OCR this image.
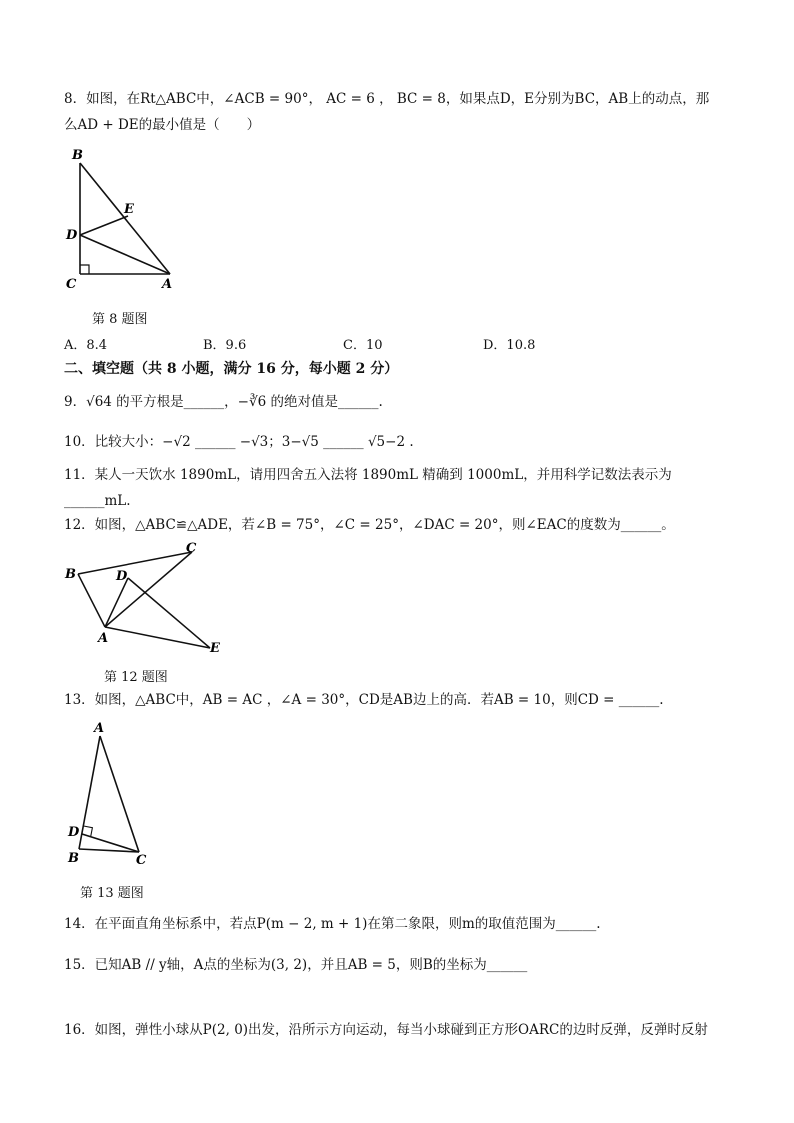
8．如图，在Rt△ABC中，∠ACB = 90°， AC = 6 ， BC = 8，如果点D，E分别为BC，AB上的动点，那
么AD + DE的最小值是（　　）
B
E
D
C	A
第 8 题图
A．8.4	B．9.6	C．10	D．10.8
二、填空题（共 8 小题，满分 16 分，每小题 2 分）
9．√64 的平方根是______，−∛6 的绝对值是______.
10．比较大小：−√2 ______ −√3；3−√5 ______ √5−2 .
11．某人一天饮水 1890mL，请用四舍五入法将 1890mL 精确到 1000mL，并用科学记数法表示为
______mL.
12．如图，△ABC≌△ADE，若∠B = 75°，∠C = 25°，∠DAC = 20°，则∠EAC的度数为______。
B	D
C
A
E
第 12 题图
13．如图，△ABC中，AB = AC ，∠A = 30°，CD是AB边上的高．若AB = 10，则CD = ______.
A
D
B	C
第 13 题图
14．在平面直角坐标系中，若点P(m − 2, m + 1)在第二象限，则m的取值范围为______.
15．已知AB // y轴，A点的坐标为(3, 2)，并且AB = 5，则B的坐标为______
16．如图，弹性小球从P(2, 0)出发，沿所示方向运动，每当小球碰到正方形OARC的边时反弹，反弹时反射
